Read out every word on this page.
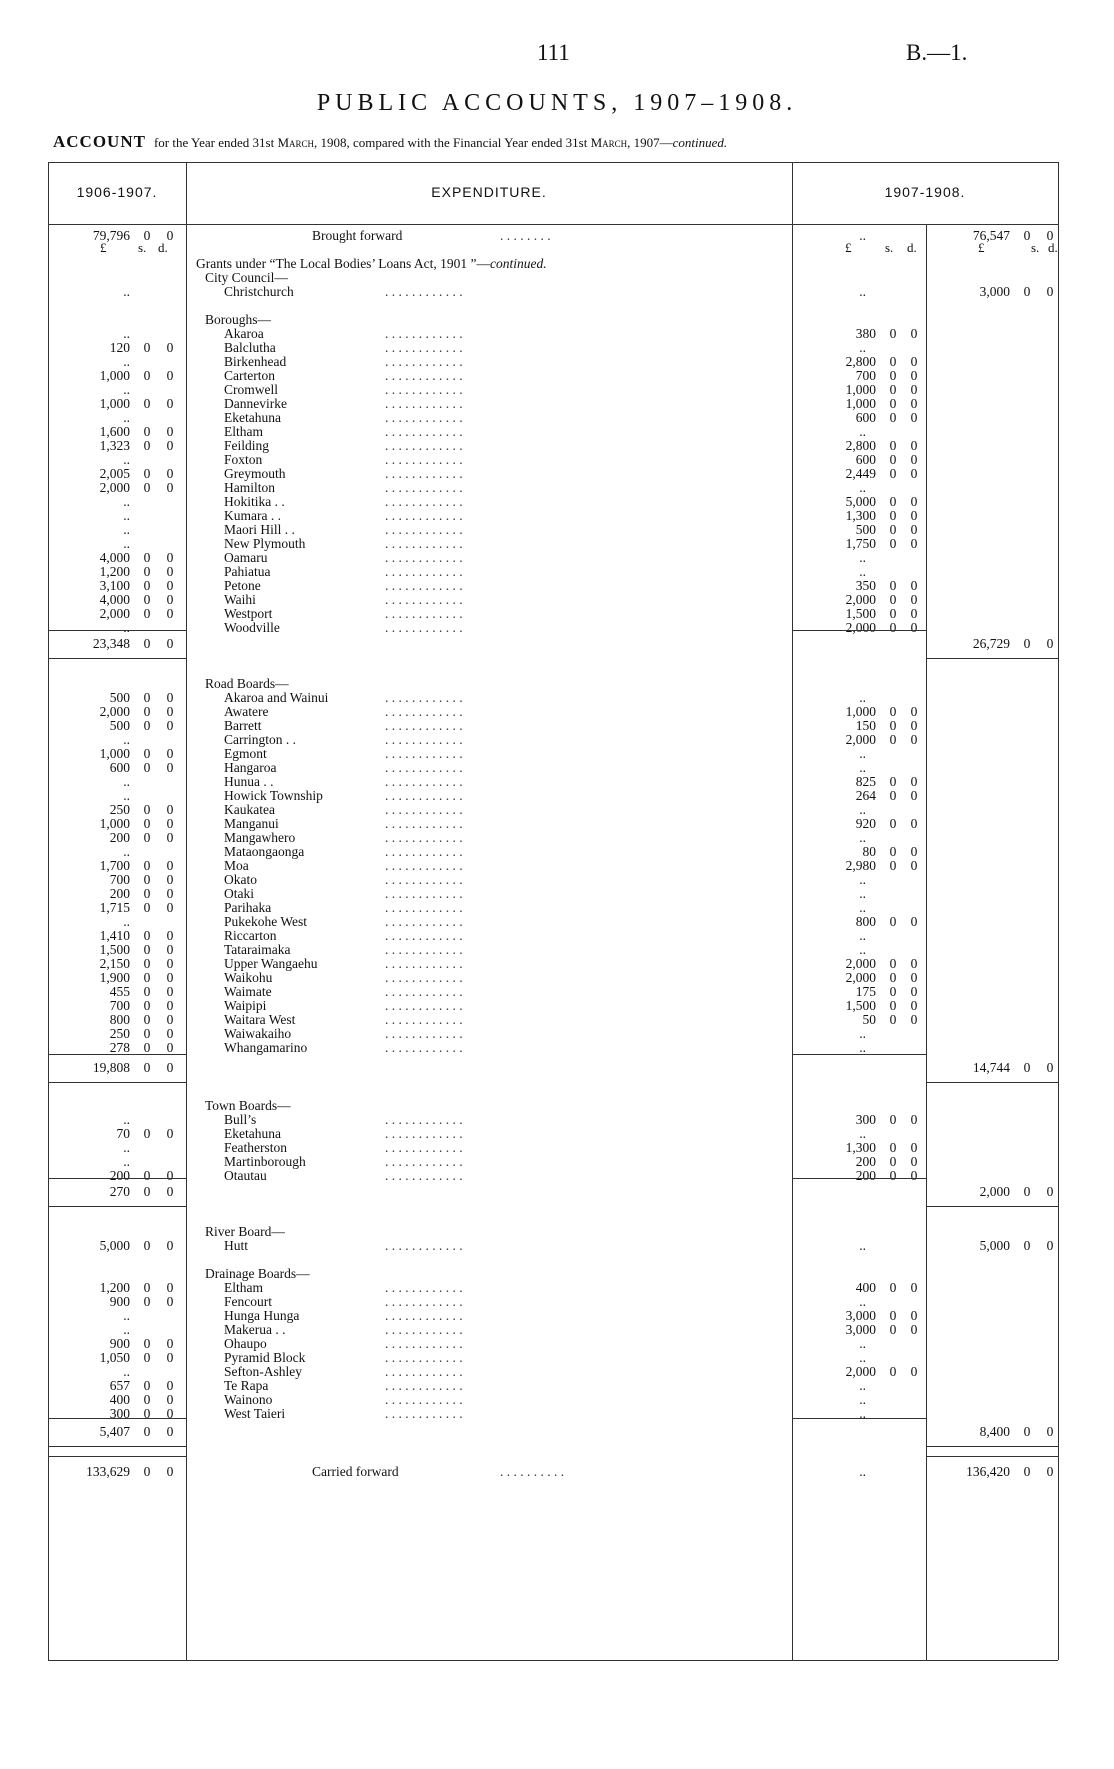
111	B.—1.
PUBLIC ACCOUNTS, 1907–1908.
ACCOUNT for the Year ended 31st March, 1908, compared with the Financial Year ended 31st March, 1907—continued.
1906-1907.	EXPENDITURE.	1907-1908.
£ s. d.	£	s. d.	£	s. d.
Brought forward	. . . . . . . .
79,796 0 0	..	76,547 0 0
Grants under “The Local Bodies’ Loans Act, 1901 ”—continued.
City Council—
Christchurch	. . . . . . . . . . . .
..	..	3,000 0 0
Boroughs—
Akaroa	. . . . . . . . . . . .
..	380 0 0
Balclutha	. . . . . . . . . . . .
120 0 0	..
Birkenhead	. . . . . . . . . . . .
..	2,800 0 0
Carterton	. . . . . . . . . . . .
1,000 0 0	700 0 0
Cromwell	. . . . . . . . . . . .
..	1,000 0 0
Dannevirke	. . . . . . . . . . . .
1,000 0 0	1,000 0 0
Eketahuna	. . . . . . . . . . . .
..	600 0 0
Eltham	. . . . . . . . . . . .
1,600 0 0	..
Feilding	. . . . . . . . . . . .
1,323 0 0	2,800 0 0
Foxton	. . . . . . . . . . . .
..	600 0 0
Greymouth	. . . . . . . . . . . .
2,005 0 0	2,449 0 0
Hamilton	. . . . . . . . . . . .
2,000 0 0	..
Hokitika . .	. . . . . . . . . . . .
..	5,000 0 0
Kumara . .	. . . . . . . . . . . .
..	1,300 0 0
Maori Hill . .	. . . . . . . . . . . .
..	500 0 0
New Plymouth	. . . . . . . . . . . .
..	1,750 0 0
Oamaru	. . . . . . . . . . . .
4,000 0 0	..
Pahiatua	. . . . . . . . . . . .
1,200 0 0	..
Petone	. . . . . . . . . . . .
3,100 0 0	350 0 0
Waihi	. . . . . . . . . . . .
4,000 0 0	2,000 0 0
Westport	. . . . . . . . . . . .
2,000 0 0	1,500 0 0
Woodville	. . . . . . . . . . . .
..	2,000 0 0
23,348 0 0	26,729 0 0
Road Boards—
Akaroa and Wainui	. . . . . . . . . . . .
500 0 0	..
Awatere	. . . . . . . . . . . .
2,000 0 0	1,000 0 0
Barrett	. . . . . . . . . . . .
500 0 0	150 0 0
Carrington . .	. . . . . . . . . . . .
..	2,000 0 0
Egmont	. . . . . . . . . . . .
1,000 0 0	..
Hangaroa	. . . . . . . . . . . .
600 0 0	..
Hunua . .	. . . . . . . . . . . .
..	825 0 0
Howick Township	. . . . . . . . . . . .
..	264 0 0
Kaukatea	. . . . . . . . . . . .
250 0 0	..
Manganui	. . . . . . . . . . . .
1,000 0 0	920 0 0
Mangawhero	. . . . . . . . . . . .
200 0 0	..
Mataongaonga	. . . . . . . . . . . .
..	80 0 0
Moa	. . . . . . . . . . . .
1,700 0 0	2,980 0 0
Okato	. . . . . . . . . . . .
700 0 0	..
Otaki	. . . . . . . . . . . .
200 0 0	..
Parihaka	. . . . . . . . . . . .
1,715 0 0	..
Pukekohe West	. . . . . . . . . . . .
..	800 0 0
Riccarton	. . . . . . . . . . . .
1,410 0 0	..
Tataraimaka	. . . . . . . . . . . .
1,500 0 0	..
Upper Wangaehu	. . . . . . . . . . . .
2,150 0 0	2,000 0 0
Waikohu	. . . . . . . . . . . .
1,900 0 0	2,000 0 0
Waimate	. . . . . . . . . . . .
455 0 0	175 0 0
Waipipi	. . . . . . . . . . . .
700 0 0	1,500 0 0
Waitara West	. . . . . . . . . . . .
800 0 0	50 0 0
Waiwakaiho	. . . . . . . . . . . .
250 0 0	..
Whangamarino	. . . . . . . . . . . .
278 0 0	..
19,808 0 0	14,744 0 0
Town Boards—
Bull’s	. . . . . . . . . . . .
..	300 0 0
Eketahuna	. . . . . . . . . . . .
70 0 0	..
Featherston	. . . . . . . . . . . .
..	1,300 0 0
Martinborough	. . . . . . . . . . . .
..	200 0 0
Otautau	. . . . . . . . . . . .
200 0 0	200 0 0
270 0 0	2,000 0 0
River Board—
Hutt	. . . . . . . . . . . .
5,000 0 0	..	5,000 0 0
Drainage Boards—
Eltham	. . . . . . . . . . . .
1,200 0 0	400 0 0
Fencourt	. . . . . . . . . . . .
900 0 0	..
Hunga Hunga	. . . . . . . . . . . .
..	3,000 0 0
Makerua . .	. . . . . . . . . . . .
..	3,000 0 0
Ohaupo	. . . . . . . . . . . .
900 0 0	..
Pyramid Block	. . . . . . . . . . . .
1,050 0 0	..
Sefton-Ashley	. . . . . . . . . . . .
..	2,000 0 0
Te Rapa	. . . . . . . . . . . .
657 0 0	..
Wainono	. . . . . . . . . . . .
400 0 0	..
West Taieri	. . . . . . . . . . . .
300 0 0	..
5,407 0 0	8,400 0 0
Carried forward	. . . . . . . . . .
133,629 0 0	..	136,420 0 0
